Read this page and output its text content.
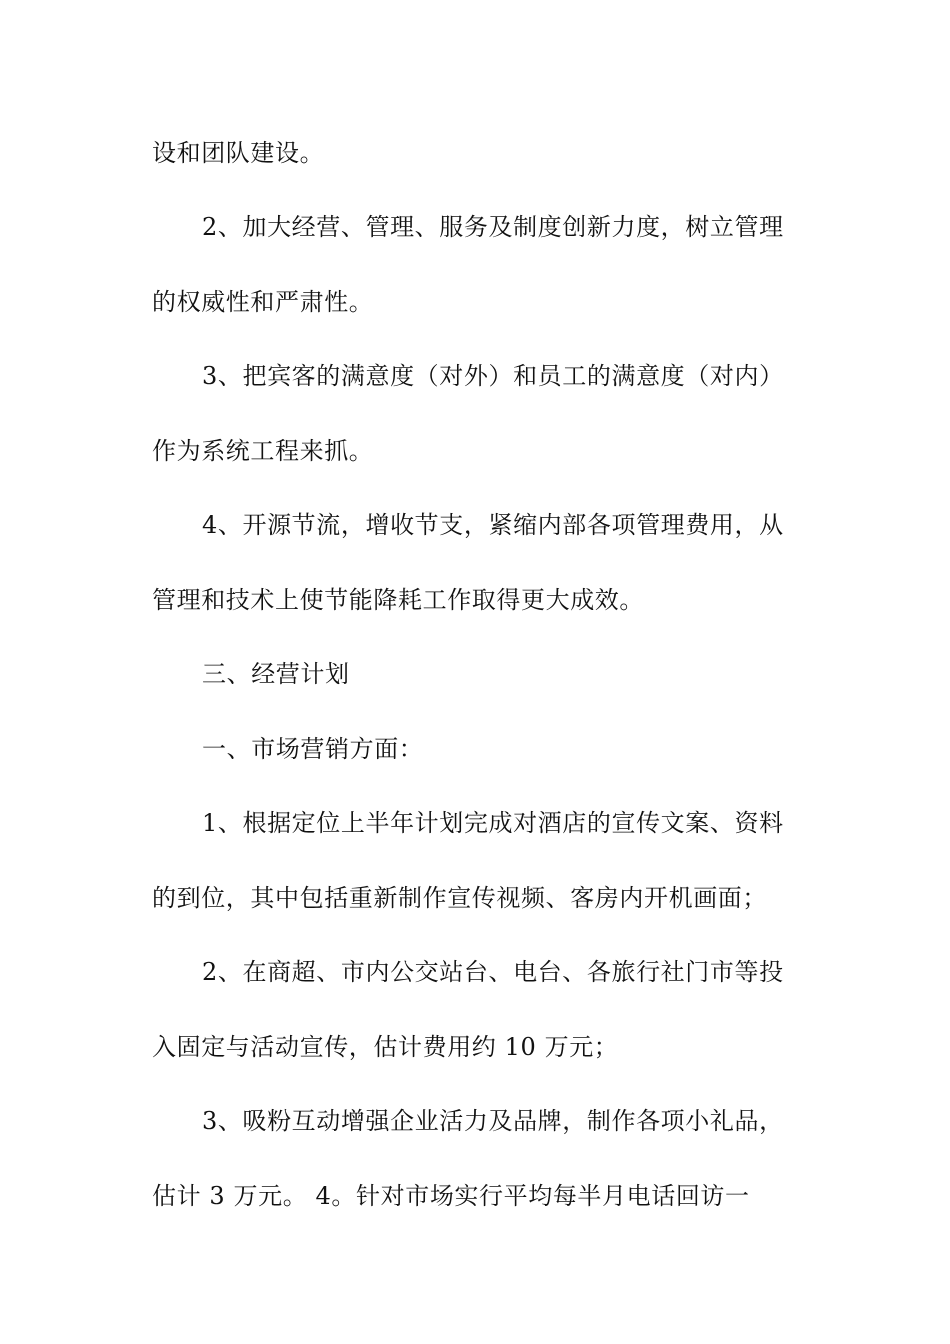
设和团队建设。
2、加大经营、管理、服务及制度创新力度，树立管理
的权威性和严肃性。
3、把宾客的满意度（对外）和员工的满意度（对内）
作为系统工程来抓。
4、开源节流，增收节支，紧缩内部各项管理费用，从
管理和技术上使节能降耗工作取得更大成效。
三、经营计划
一、市场营销方面：
1、根据定位上半年计划完成对酒店的宣传文案、资料
的到位，其中包括重新制作宣传视频、客房内开机画面；
2、在商超、市内公交站台、电台、各旅行社门市等投
入固定与活动宣传，估计费用约 10 万元；
3、吸粉互动增强企业活力及品牌，制作各项小礼品，
估计 3 万元。 4。针对市场实行平均每半月电话回访一
